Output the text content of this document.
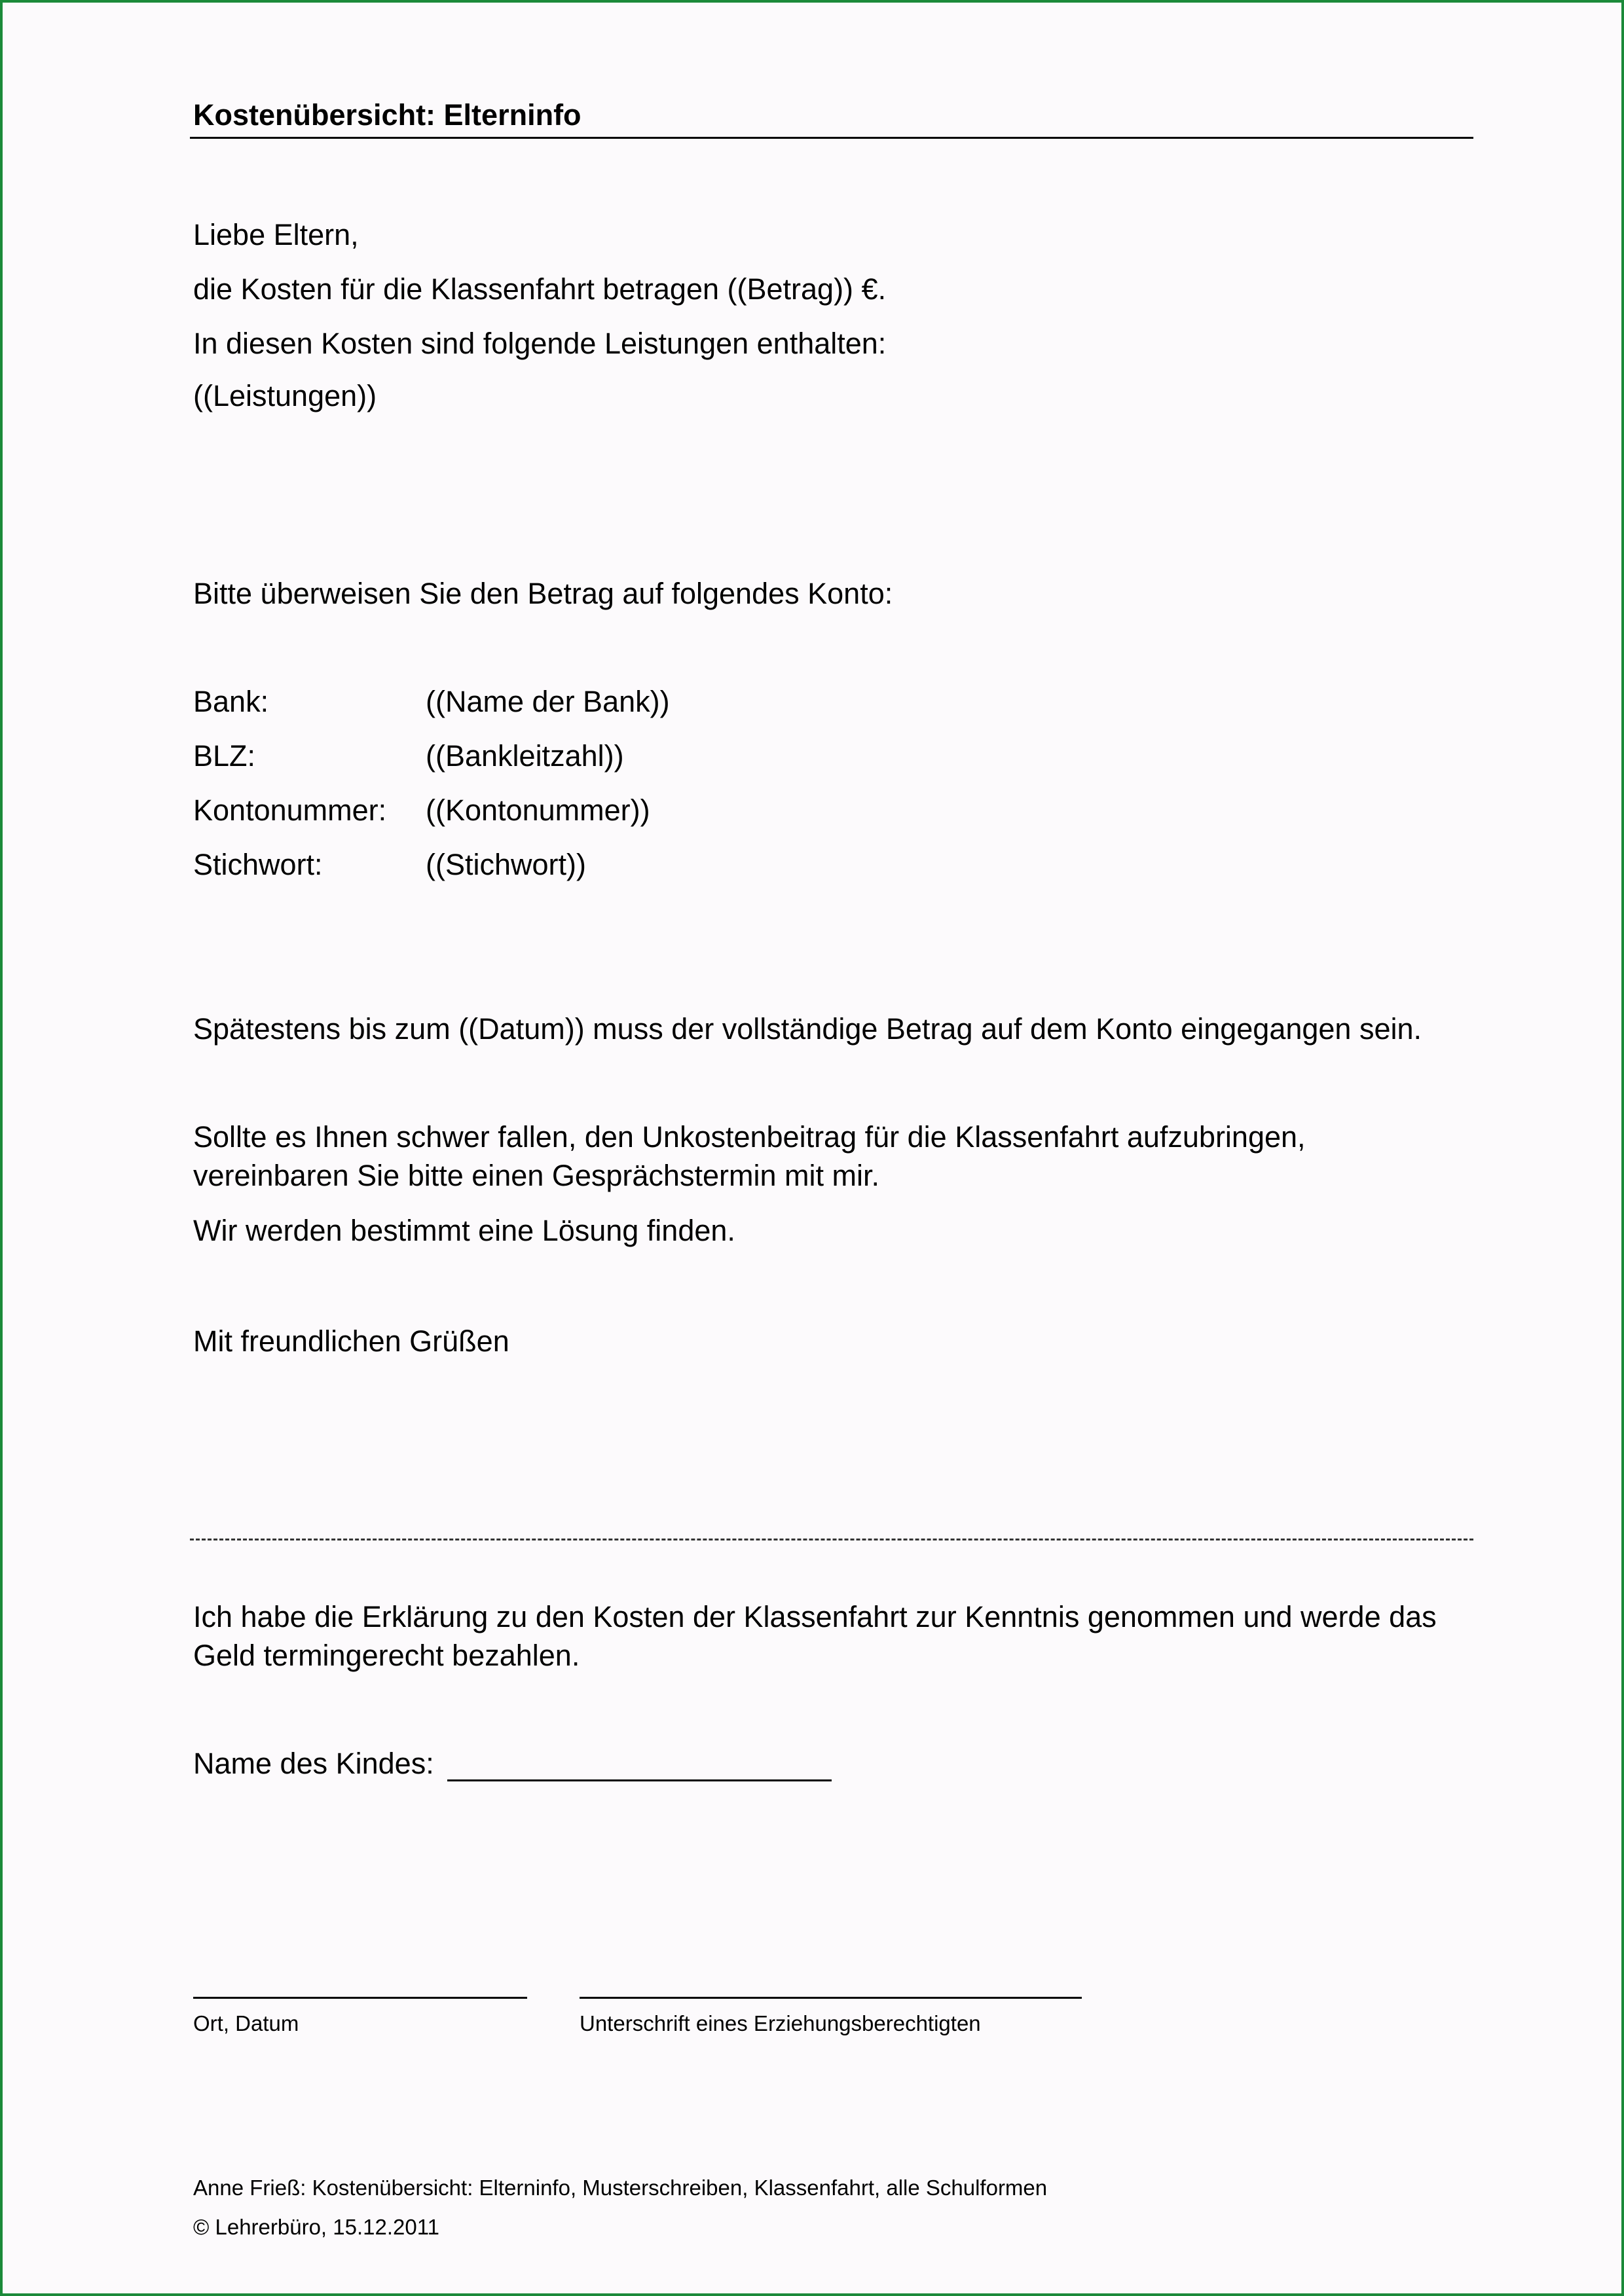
Kostenübersicht: Elterninfo
Liebe Eltern,
die Kosten für die Klassenfahrt betragen ((Betrag)) €.
In diesen Kosten sind folgende Leistungen enthalten:
((Leistungen))
Bitte überweisen Sie den Betrag auf folgendes Konto:
Bank:	((Name der Bank))
BLZ:	((Bankleitzahl))
Kontonummer: ((Kontonummer))
Stichwort:	((Stichwort))
Spätestens bis zum ((Datum)) muss der vollständige Betrag auf dem Konto eingegangen sein.
Sollte es Ihnen schwer fallen, den Unkostenbeitrag für die Klassenfahrt aufzubringen,
vereinbaren Sie bitte einen Gesprächstermin mit mir.
Wir werden bestimmt eine Lösung finden.
Mit freundlichen Grüßen
Ich habe die Erklärung zu den Kosten der Klassenfahrt zur Kenntnis genommen und werde das
Geld termingerecht bezahlen.
Name des Kindes:
Ort, Datum	Unterschrift eines Erziehungsberechtigten
Anne Frieß: Kostenübersicht: Elterninfo, Musterschreiben, Klassenfahrt, alle Schulformen
© Lehrerbüro, 15.12.2011
